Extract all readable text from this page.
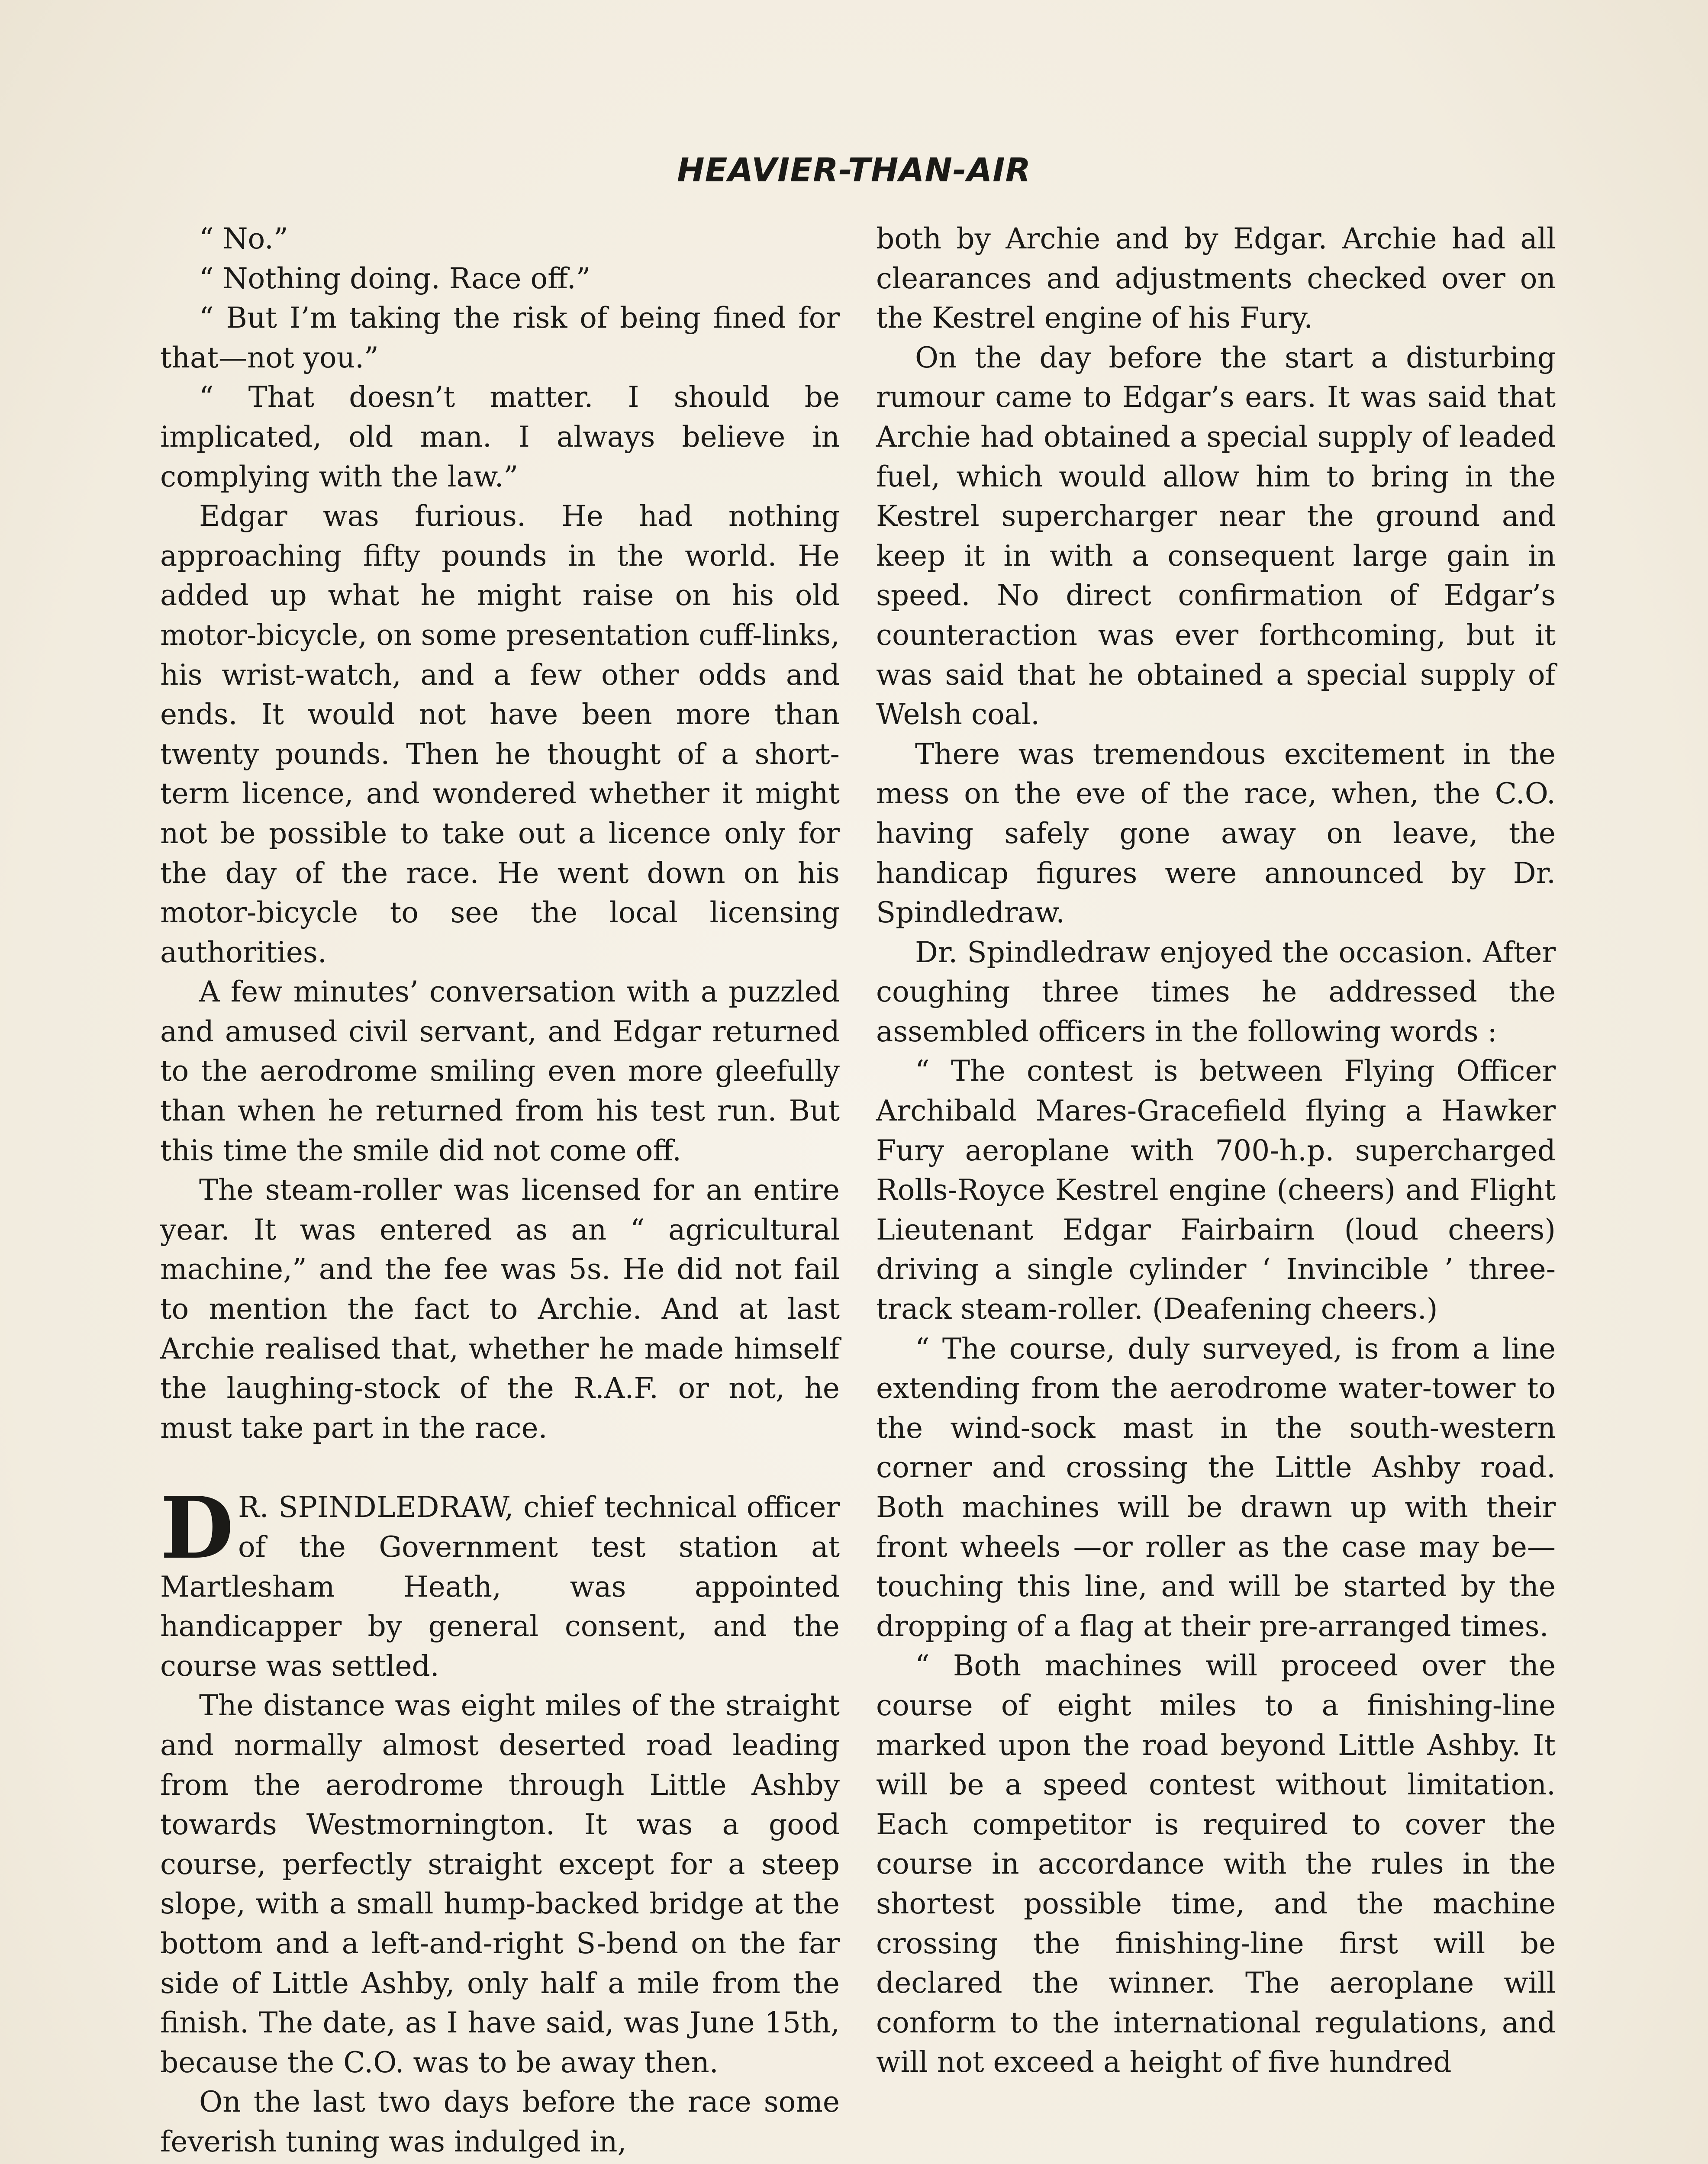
HEAVIER-THAN-AIR

“ No.”

“ Nothing doing. Race off.”

“ But I’m taking the risk of being fined for that—not you.”

“ That doesn’t matter. I should be implicated, old man. I always believe in complying with the law.”

Edgar was furious. He had nothing approaching fifty pounds in the world. He added up what he might raise on his old motor-bicycle, on some presentation cuff-links, his wrist-watch, and a few other odds and ends. It would not have been more than twenty pounds. Then he thought of a short-term licence, and wondered whether it might not be possible to take out a licence only for the day of the race. He went down on his motor-bicycle to see the local licensing authorities.

A few minutes’ conversation with a puzzled and amused civil servant, and Edgar returned to the aerodrome smiling even more gleefully than when he returned from his test run. But this time the smile did not come off.

The steam-roller was licensed for an entire year. It was entered as an “ agricultural machine,” and the fee was 5s. He did not fail to mention the fact to Archie. And at last Archie realised that, whether he made himself the laughing-stock of the R.A.F. or not, he must take part in the race.

D R. SPINDLEDRAW, chief technical officer of the Government test station at Martlesham Heath, was appointed handicapper by general consent, and the course was settled.

The distance was eight miles of the straight and normally almost deserted road leading from the aerodrome through Little Ashby towards Westmornington. It was a good course, perfectly straight except for a steep slope, with a small hump-backed bridge at the bottom and a left-and-right S-bend on the far side of Little Ashby, only half a mile from the finish. The date, as I have said, was June 15th, because the C.O. was to be away then.

On the last two days before the race some feverish tuning was indulged in,

both by Archie and by Edgar. Archie had all clearances and adjustments checked over on the Kestrel engine of his Fury.

On the day before the start a disturbing rumour came to Edgar’s ears. It was said that Archie had obtained a special supply of leaded fuel, which would allow him to bring in the Kestrel supercharger near the ground and keep it in with a consequent large gain in speed. No direct confirmation of Edgar’s counteraction was ever forthcoming, but it was said that he obtained a special supply of Welsh coal.

There was tremendous excitement in the mess on the eve of the race, when, the C.O. having safely gone away on leave, the handicap figures were announced by Dr. Spindledraw.

Dr. Spindledraw enjoyed the occasion. After coughing three times he addressed the assembled officers in the following words :

“ The contest is between Flying Officer Archibald Mares-Gracefield flying a Hawker Fury aeroplane with 700-h.p. supercharged Rolls-Royce Kestrel engine (cheers) and Flight Lieutenant Edgar Fairbairn (loud cheers) driving a single cylinder ‘ Invincible ’ three-track steam-roller. (Deafening cheers.)

“ The course, duly surveyed, is from a line extending from the aerodrome water-tower to the wind-sock mast in the south-western corner and crossing the Little Ashby road. Both machines will be drawn up with their front wheels —or roller as the case may be—touching this line, and will be started by the dropping of a flag at their pre-arranged times.

“ Both machines will proceed over the course of eight miles to a finishing-line marked upon the road beyond Little Ashby. It will be a speed contest without limitation. Each competitor is required to cover the course in accordance with the rules in the shortest possible time, and the machine crossing the finishing-line first will be declared the winner. The aeroplane will conform to the international regulations, and will not exceed a height of five hundred
